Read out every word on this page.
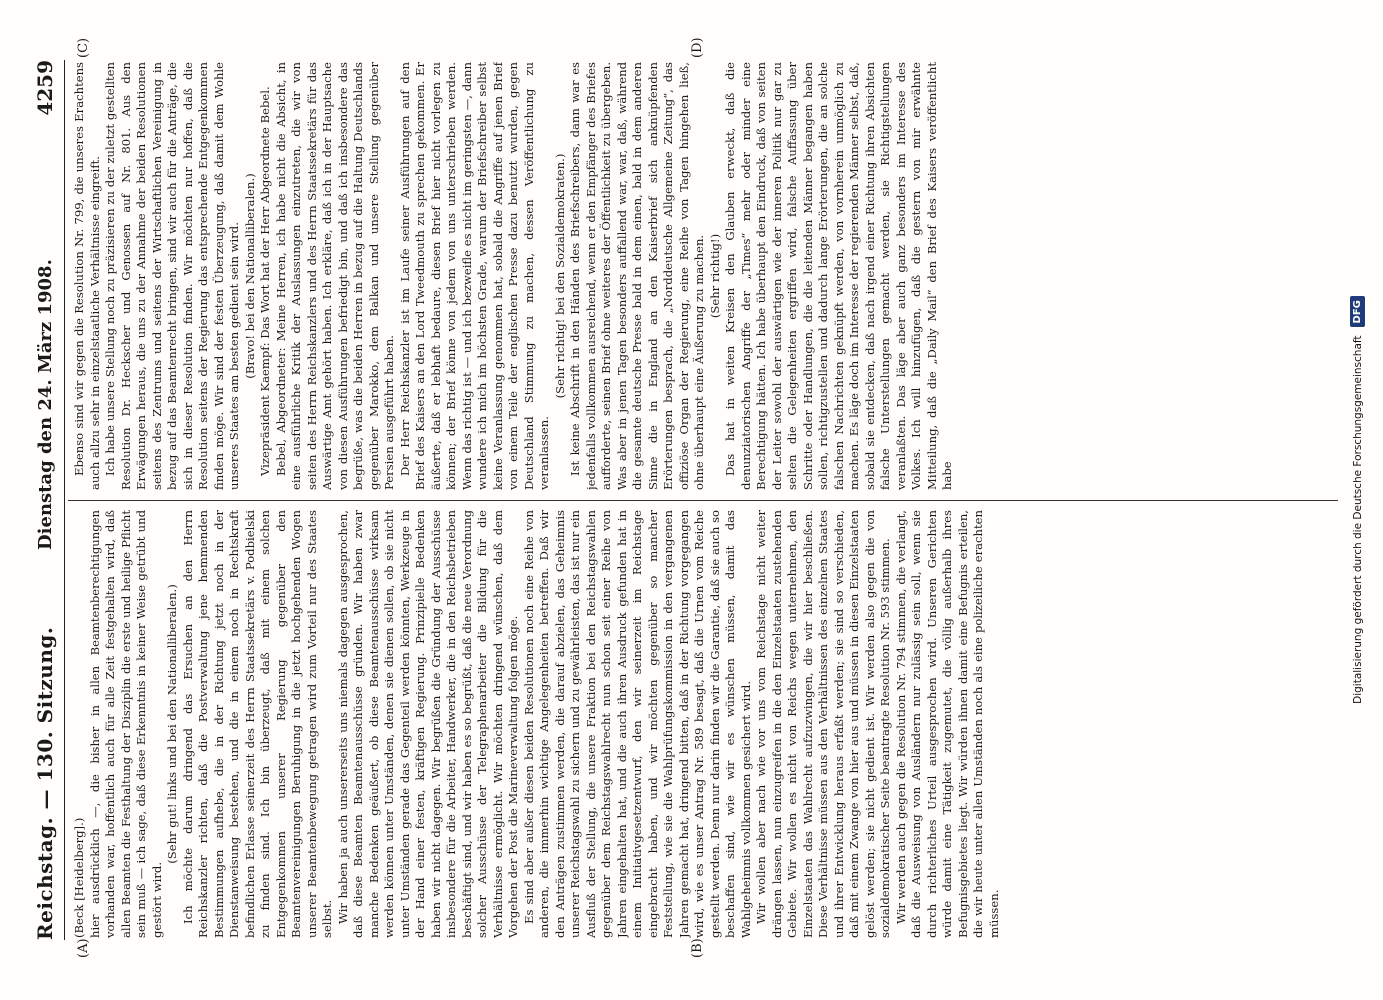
Reichstag. — 130. Sitzung.
Dienstag den 24. März 1908.
4259
(A)	(B)
(C)	(D)

(Beck [Heidelberg].) hier ausdrücklich —, die bisher in allen Beamtenberechtigungen vorhanden war, hoffentlich auch für alle Zeit festgehalten wird, daß allen Beamten die Festhaltung der Disziplin die erste und heilige Pflicht sein muß — ich sage, daß diese Erkenntnis in keiner Weise getrübt und gestört wird.

(Sehr gut! links und bei den Nationalliberalen.) Ich möchte darum dringend das Ersuchen an den Herrn Reichskanzler richten, daß die Postverwaltung jene hemmenden Bestimmungen aufhebe, die in der Richtung jetzt noch in der Dienstanweisung bestehen, und die in einem noch in Rechtskraft befindlichen Erlasse seinerzeit des Herrn Staatssekretärs v. Podbielski zu finden sind. Ich bin überzeugt, daß mit einem solchen Entgegenkommen unserer Regierung gegenüber den Beamtenvereinigungen Beruhigung in die jetzt hochgehenden Wogen unserer Beamtenbewegung getragen wird zum Vorteil nur des Staates selbst. Wir haben ja auch unsererseits uns niemals dagegen ausgesprochen, daß diese Beamten Beamtenausschüsse gründen. Wir haben zwar manche Bedenken geäußert, ob diese Beamtenausschüsse wirksam werden können unter Umständen, denen sie dienen sollen, ob sie nicht unter Umständen gerade das Gegenteil werden könnten, Werkzeuge in der Hand einer festen, kräftigen Regierung. Prinzipielle Bedenken haben wir nicht dagegen. Wir begrüßen die Gründung der Ausschüsse insbesondere für die Arbeiter, Handwerker, die in den Reichsbetrieben beschäftigt sind, und wir haben es so begrüßt, daß die neue Verordnung solcher Ausschüsse der Telegraphenarbeiter die Bildung für die Verhältnisse ermöglicht. Wir möchten dringend wünschen, daß dem Vorgehen der Post die Marineverwaltung folgen möge. Es sind aber außer diesen beiden Resolutionen noch eine Reihe von anderen, die immerhin wichtige Angelegenheiten betreffen. Daß wir den Anträgen zustimmen werden, die darauf abzielen, das Geheimnis unserer Reichstagswahl zu sichern und zu gewährleisten, das ist nur ein Ausfluß der Stellung, die unsere Fraktion bei den Reichstagswahlen gegenüber dem Reichstagswahlrecht nun schon seit einer Reihe von Jahren eingehalten hat, und die auch ihren Ausdruck gefunden hat in einem Initiativgesetzentwurf, den wir seinerzeit im Reichstage eingebracht haben, und wir möchten gegenüber so mancher Feststellung, wie sie die Wahlprüfungskommission in den vergangenen Jahren gemacht hat, dringend bitten, daß in der Richtung vorgegangen wird, wie es unser Antrag Nr. 589 besagt, daß die Urnen vom Reiche gestellt werden. Denn nur darin finden wir die Garantie, daß sie auch so beschaffen sind, wie wir es wünschen müssen, damit das Wahlgeheimnis vollkommen gesichert wird. Wir wollen aber nach wie vor uns vom Reichstage nicht weiter drängen lassen, nun einzugreifen in die den Einzelstaaten zustehenden Gebiete. Wir wollen es nicht von Reichs wegen unternehmen, den Einzelstaaten das Wahlrecht aufzuzwingen, die wir hier beschließen. Diese Verhältnisse müssen aus den Verhältnissen des einzelnen Staates und ihrer Entwicklung heraus erfaßt werden; sie sind so verschieden, daß mit einem Zwange von hier aus und müssen in diesen Einzelstaaten gelöst werden; sie nicht gedient ist. Wir werden also gegen die von sozialdemokratischer Seite beantragte Resolution Nr. 593 stimmen. Wir werden auch gegen die Resolution Nr. 794 stimmen, die verlangt, daß die Ausweisung von Ausländern nur zulässig sein soll, wenn sie durch richterliches Urteil ausgesprochen wird. Unseren Gerichten würde damit eine Tätigkeit zugemutet, die völlig außerhalb ihres Befugnisgebietes liegt. Wir würden ihnen damit eine Befugnis erteilen, die wir heute unter allen Umständen noch als eine polizeiliche erachten müssen.

Ebenso sind wir gegen die Resolution Nr. 799, die unseres Erachtens auch allzu sehr in einzelstaatliche Verhältnisse eingreift. Ich habe unsere Stellung noch zu präzisieren zu der zuletzt gestellten Resolution Dr. Heckscher und Genossen auf Nr. 801. Aus den Erwägungen heraus, die uns zu der Annahme der beiden Resolutionen seitens des Zentrums und seitens der Wirtschaftlichen Vereinigung in bezug auf das Beamtenrecht bringen, sind wir auch für die Anträge, die sich in dieser Resolution finden. Wir möchten nur hoffen, daß die Resolution seitens der Regierung das entsprechende Entgegenkommen finden möge. Wir sind der festen Überzeugung, daß damit dem Wohle unseres Staates am besten gedient sein wird. (Bravo! bei den Nationalliberalen.) Vizepräsident Kaempf: Das Wort hat der Herr Abgeordnete Bebel. Bebel, Abgeordneter: Meine Herren, ich habe nicht die Absicht, in eine ausführliche Kritik der Auslassungen einzutreten, die wir von seiten des Herrn Reichskanzlers und des Herrn Staatssekretärs für das Auswärtige Amt gehört haben. Ich erkläre, daß ich in der Hauptsache von diesen Ausführungen befriedigt bin, und daß ich insbesondere das begrüße, was die beiden Herren in bezug auf die Haltung Deutschlands gegenüber Marokko, dem Balkan und unsere Stellung gegenüber Persien ausgeführt haben. Der Herr Reichskanzler ist im Laufe seiner Ausführungen auf den Brief des Kaisers an den Lord Tweedmouth zu sprechen gekommen. Er äußerte, daß er lebhaft bedaure, diesen Brief hier nicht vorlegen zu können; der Brief könne von jedem von uns unterschrieben werden. Wenn das richtig ist — und ich bezweifle es nicht im geringsten —, dann wundere ich mich im höchsten Grade, warum der Briefschreiber selbst keine Veranlassung genommen hat, sobald die Angriffe auf jenen Brief von einem Teile der englischen Presse dazu benutzt wurden, gegen Deutschland Stimmung zu machen, dessen Veröffentlichung zu veranlassen.

(Sehr richtig! bei den Sozialdemokraten.) Ist keine Abschrift in den Händen des Briefschreibers, dann war es jedenfalls vollkommen ausreichend, wenn er den Empfänger des Briefes aufforderte, seinen Brief ohne weiteres der Öffentlichkeit zu übergeben. Was aber in jenen Tagen besonders auffallend war, war, daß, während die gesamte deutsche Presse bald in dem einen, bald in dem anderen Sinne die in England an den Kaiserbrief sich anknüpfenden Erörterungen besprach, die „Norddeutsche Allgemeine Zeitung“, das offiziöse Organ der Regierung, eine Reihe von Tagen hingehen ließ, ohne überhaupt eine Äußerung zu machen. (Sehr richtig!) Das hat in weiten Kreisen den Glauben erweckt, daß die denunziatorischen Angriffe der „Times“ mehr oder minder eine Berechtigung hätten. Ich habe überhaupt den Eindruck, daß von seiten der Leiter sowohl der auswärtigen wie der inneren Politik nur gar zu selten die Gelegenheiten ergriffen wird, falsche Auffassung über Schritte oder Handlungen, die die leitenden Männer begangen haben sollen, richtigzustellen und dadurch lange Erörterungen, die an solche falschen Nachrichten geknüpft werden, von vornherein unmöglich zu machen. Es läge doch im Interesse der regierenden Männer selbst, daß, sobald sie entdecken, daß nach irgend einer Richtung ihren Absichten falsche Unterstellungen gemacht werden, sie Richtigstellungen veranlaßten. Das läge aber auch ganz besonders im Interesse des Volkes. Ich will hinzufügen, daß die gestern von mir erwähnte Mitteilung, daß die „Daily Mail“ den Brief des Kaisers veröffentlicht habe	Digitalisierung gefördert durch die Deutsche Forschungsgemeinschaft
DFG
